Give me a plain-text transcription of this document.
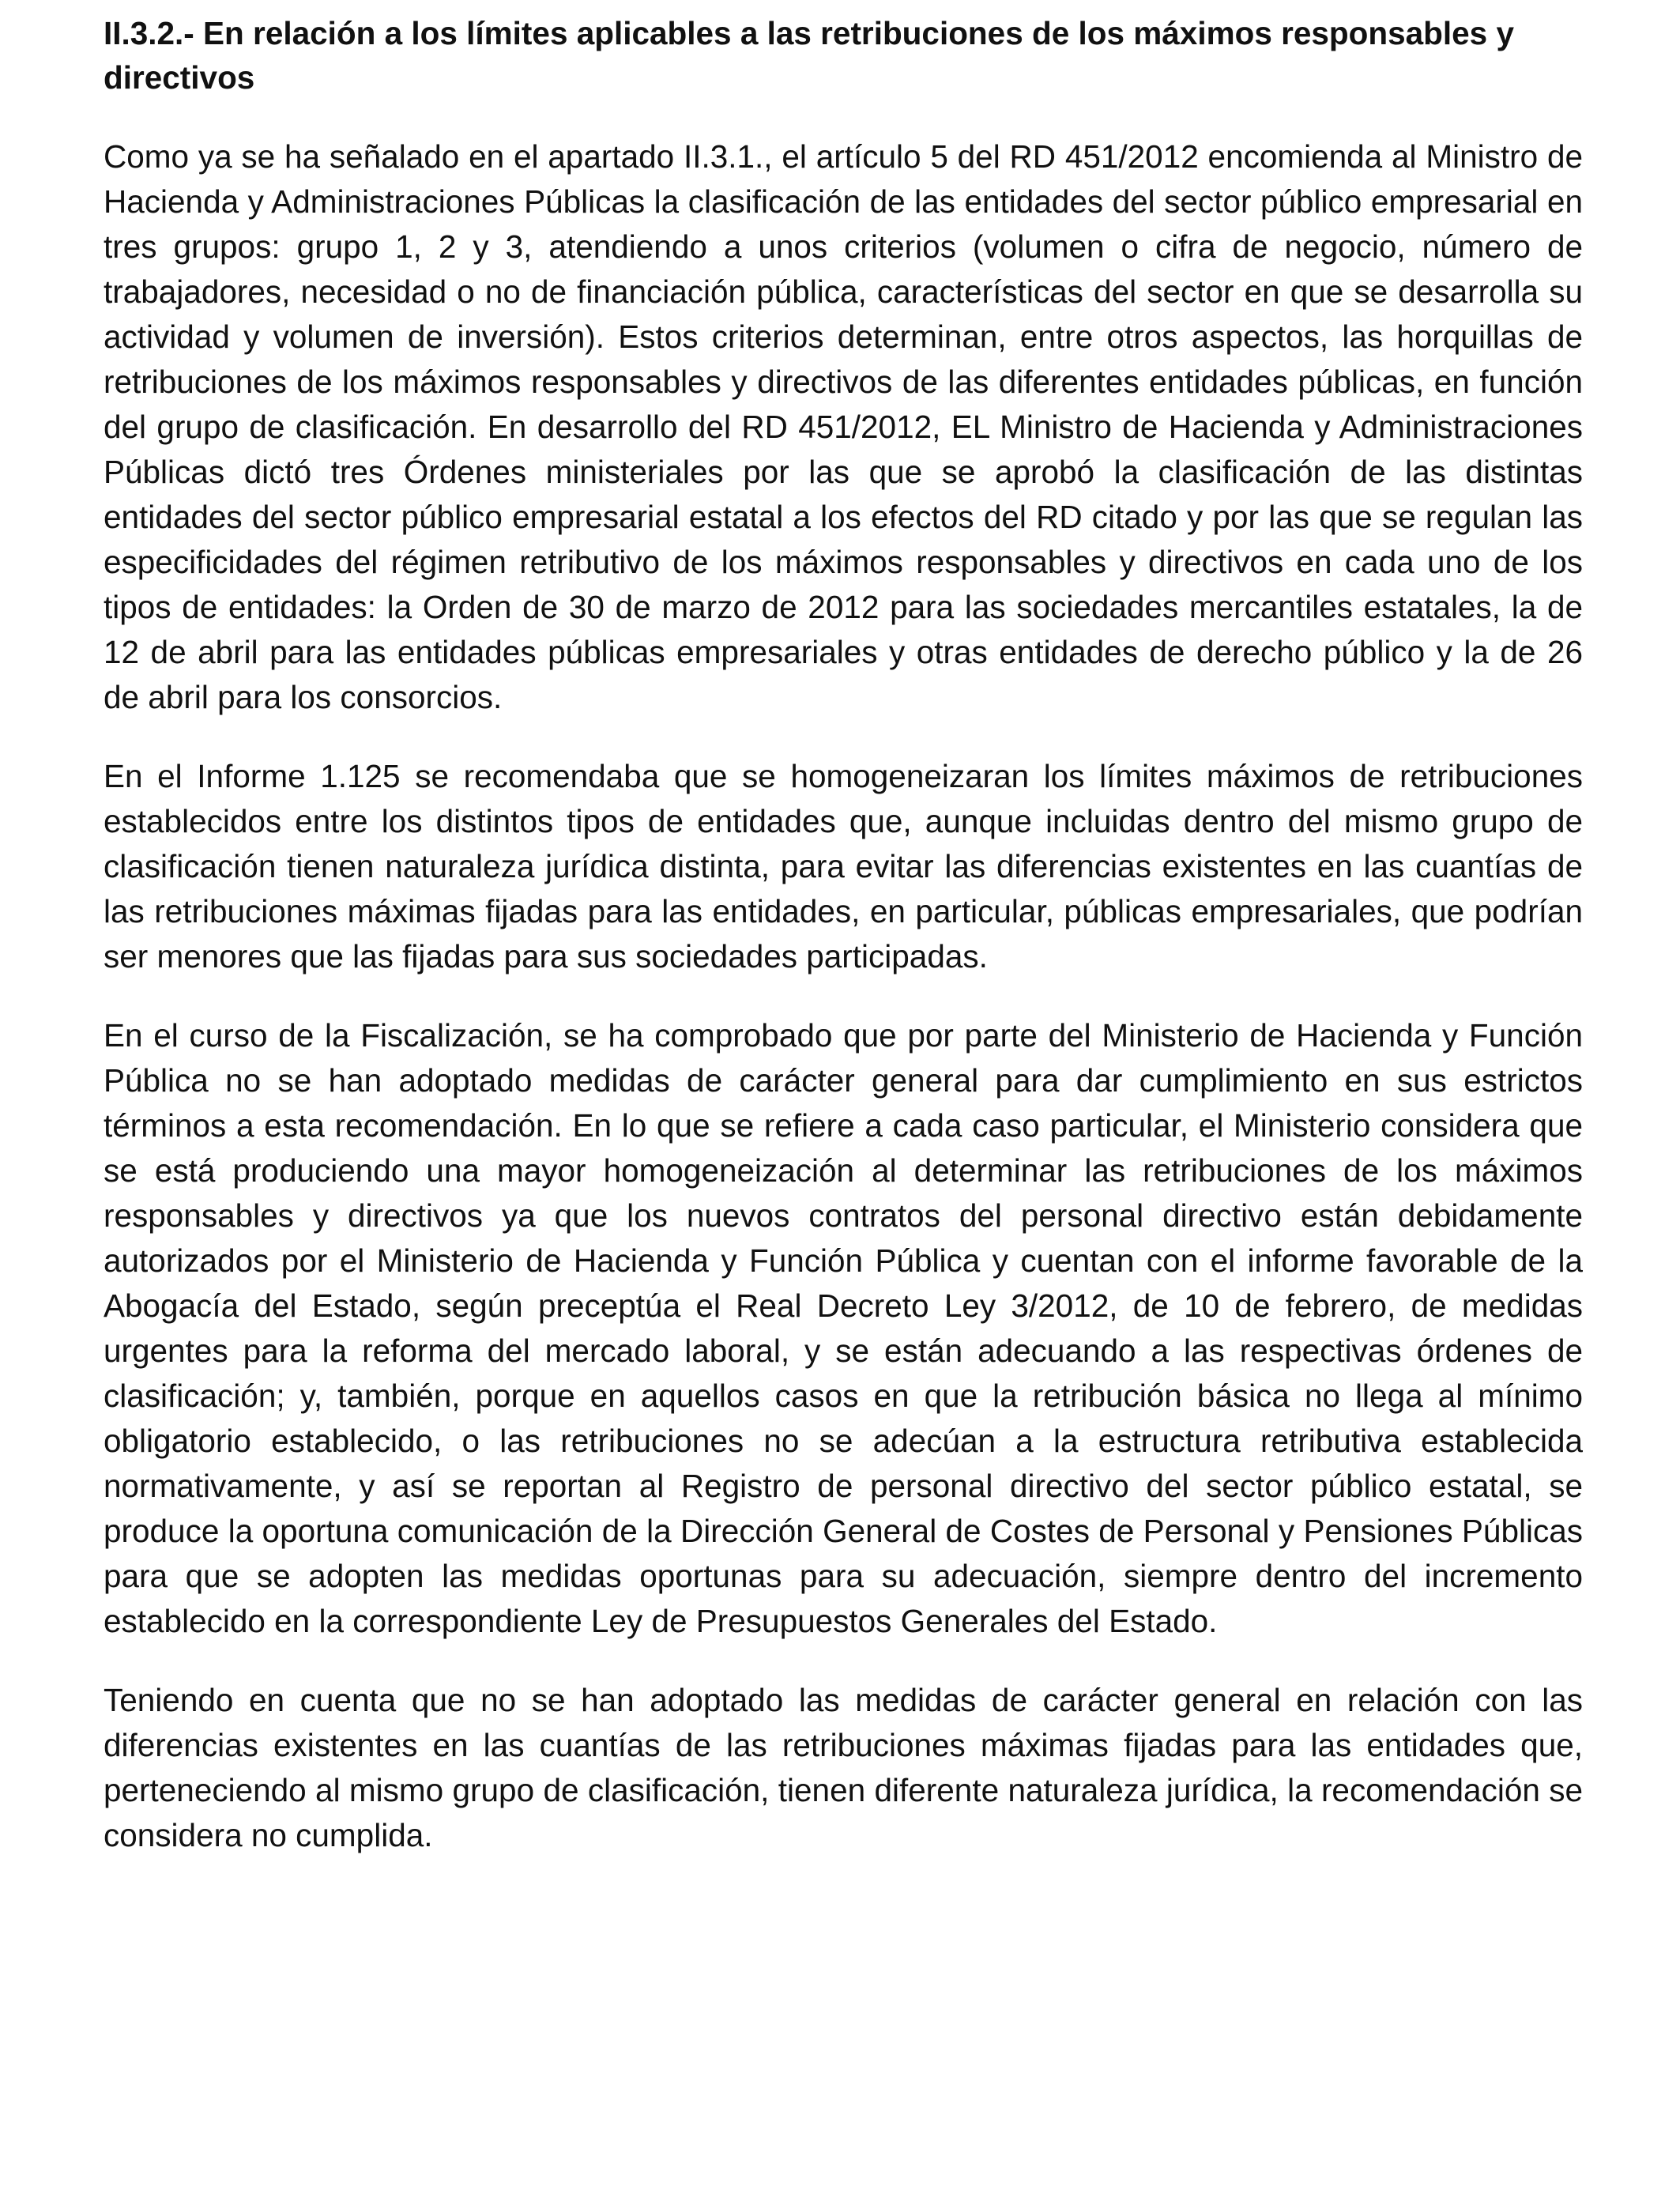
II.3.2.- En relación a los límites aplicables a las retribuciones de los máximos responsables y directivos

Como ya se ha señalado en el apartado II.3.1., el artículo 5 del RD 451/2012 encomienda al Ministro de Hacienda y Administraciones Públicas la clasificación de las entidades del sector público empresarial en tres grupos: grupo 1, 2 y 3, atendiendo a unos criterios (volumen o cifra de negocio, número de trabajadores, necesidad o no de financiación pública, características del sector en que se desarrolla su actividad y volumen de inversión). Estos criterios determinan, entre otros aspectos, las horquillas de retribuciones de los máximos responsables y directivos de las diferentes entidades públicas, en función del grupo de clasificación. En desarrollo del RD 451/2012, EL Ministro de Hacienda y Administraciones Públicas dictó tres Órdenes ministeriales por las que se aprobó la clasificación de las distintas entidades del sector público empresarial estatal a los efectos del RD citado y por las que se regulan las especificidades del régimen retributivo de los máximos responsables y directivos en cada uno de los tipos de entidades: la Orden de 30 de marzo de 2012 para las sociedades mercantiles estatales, la de 12 de abril para las entidades públicas empresariales y otras entidades de derecho público y la de 26 de abril para los consorcios.

En el Informe 1.125 se recomendaba que se homogeneizaran los límites máximos de retribuciones establecidos entre los distintos tipos de entidades que, aunque incluidas dentro del mismo grupo de clasificación tienen naturaleza jurídica distinta, para evitar las diferencias existentes en las cuantías de las retribuciones máximas fijadas para las entidades, en particular, públicas empresariales, que podrían ser menores que las fijadas para sus sociedades participadas.

En el curso de la Fiscalización, se ha comprobado que por parte del Ministerio de Hacienda y Función Pública no se han adoptado medidas de carácter general para dar cumplimiento en sus estrictos términos a esta recomendación. En lo que se refiere a cada caso particular, el Ministerio considera que se está produciendo una mayor homogeneización al determinar las retribuciones de los máximos responsables y directivos ya que los nuevos contratos del personal directivo están debidamente autorizados por el Ministerio de Hacienda y Función Pública y cuentan con el informe favorable de la Abogacía del Estado, según preceptúa el Real Decreto Ley 3/2012, de 10 de febrero, de medidas urgentes para la reforma del mercado laboral, y se están adecuando a las respectivas órdenes de clasificación; y, también, porque en aquellos casos en que la retribución básica no llega al mínimo obligatorio establecido, o las retribuciones no se adecúan a la estructura retributiva establecida normativamente, y así se reportan al Registro de personal directivo del sector público estatal, se produce la oportuna comunicación de la Dirección General de Costes de Personal y Pensiones Públicas para que se adopten las medidas oportunas para su adecuación, siempre dentro del incremento establecido en la correspondiente Ley de Presupuestos Generales del Estado.

Teniendo en cuenta que no se han adoptado las medidas de carácter general en relación con las diferencias existentes en las cuantías de las retribuciones máximas fijadas para las entidades que, perteneciendo al mismo grupo de clasificación, tienen diferente naturaleza jurídica, la recomendación se considera no cumplida.
